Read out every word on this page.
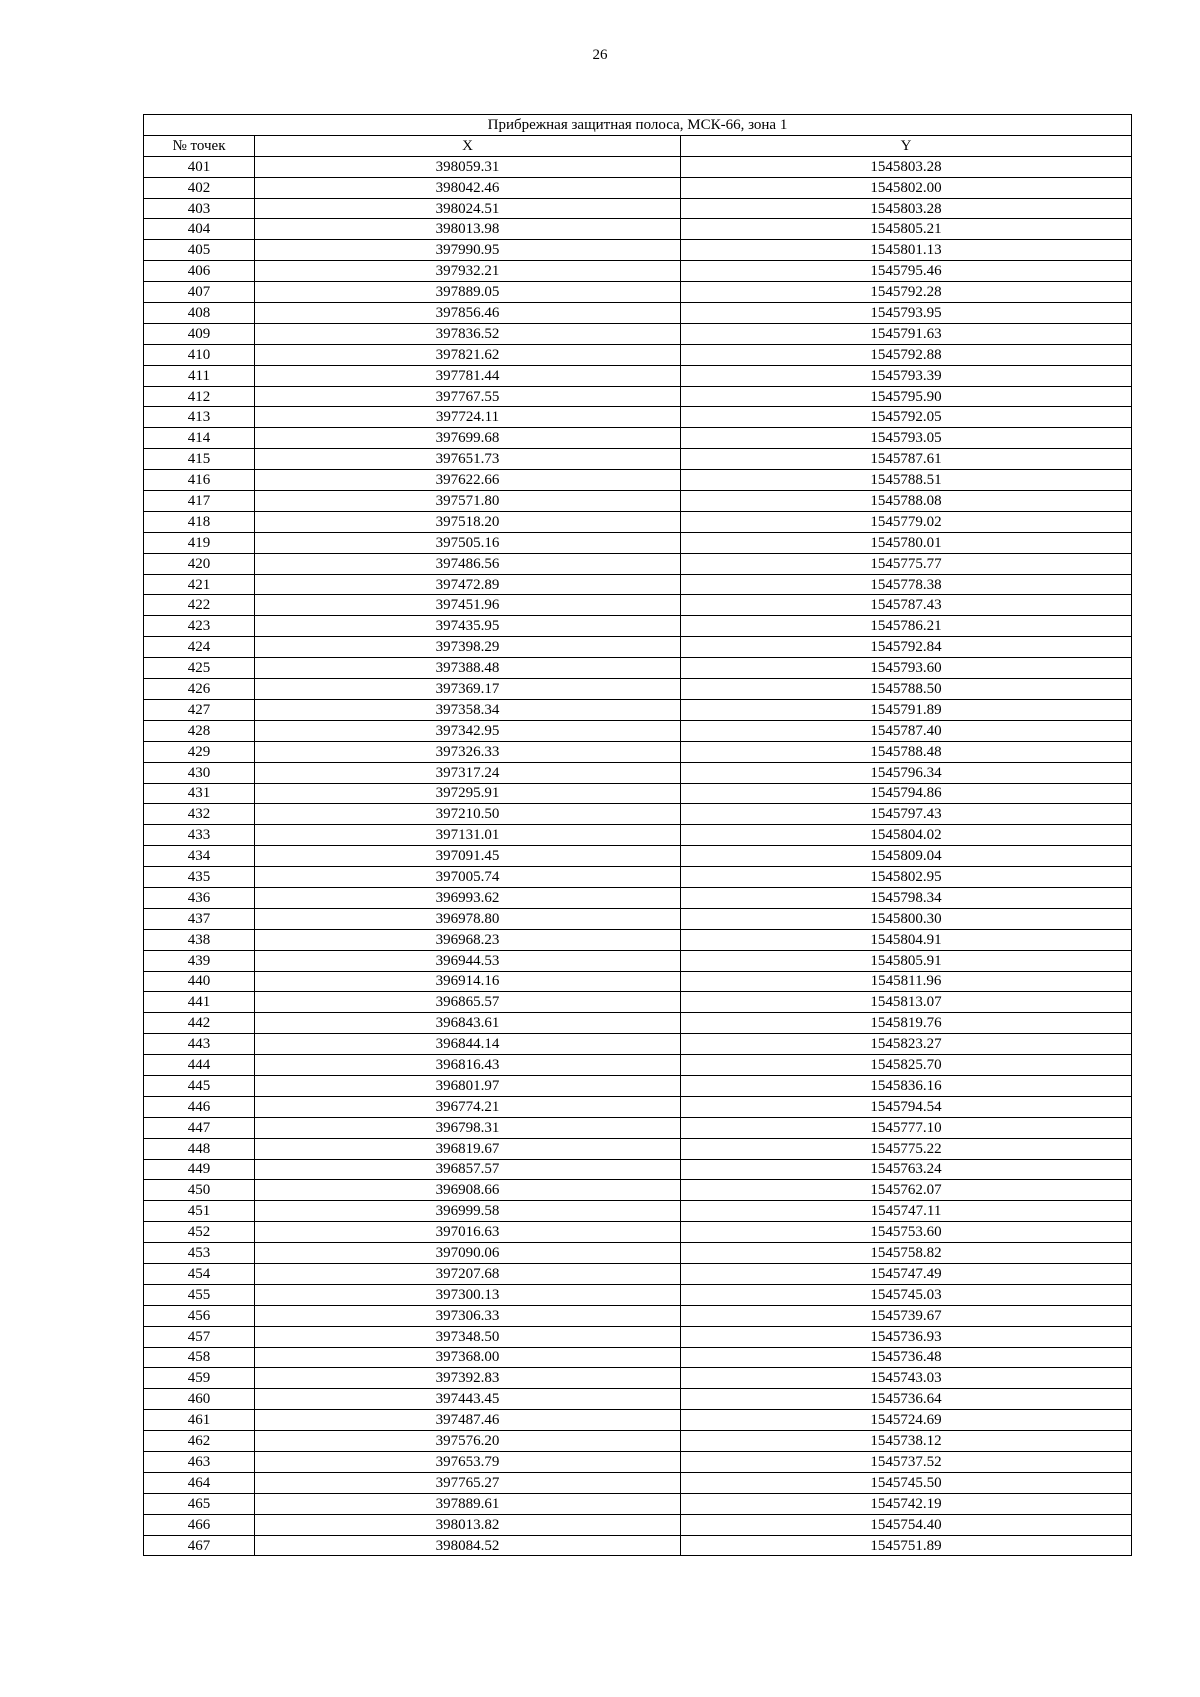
26
Прибрежная защитная полоса, МСК-66, зона 1		
№ точек	X	Y
401	398059.31	1545803.28
402	398042.46	1545802.00
403	398024.51	1545803.28
404	398013.98	1545805.21
405	397990.95	1545801.13
406	397932.21	1545795.46
407	397889.05	1545792.28
408	397856.46	1545793.95
409	397836.52	1545791.63
410	397821.62	1545792.88
411	397781.44	1545793.39
412	397767.55	1545795.90
413	397724.11	1545792.05
414	397699.68	1545793.05
415	397651.73	1545787.61
416	397622.66	1545788.51
417	397571.80	1545788.08
418	397518.20	1545779.02
419	397505.16	1545780.01
420	397486.56	1545775.77
421	397472.89	1545778.38
422	397451.96	1545787.43
423	397435.95	1545786.21
424	397398.29	1545792.84
425	397388.48	1545793.60
426	397369.17	1545788.50
427	397358.34	1545791.89
428	397342.95	1545787.40
429	397326.33	1545788.48
430	397317.24	1545796.34
431	397295.91	1545794.86
432	397210.50	1545797.43
433	397131.01	1545804.02
434	397091.45	1545809.04
435	397005.74	1545802.95
436	396993.62	1545798.34
437	396978.80	1545800.30
438	396968.23	1545804.91
439	396944.53	1545805.91
440	396914.16	1545811.96
441	396865.57	1545813.07
442	396843.61	1545819.76
443	396844.14	1545823.27
444	396816.43	1545825.70
445	396801.97	1545836.16
446	396774.21	1545794.54
447	396798.31	1545777.10
448	396819.67	1545775.22
449	396857.57	1545763.24
450	396908.66	1545762.07
451	396999.58	1545747.11
452	397016.63	1545753.60
453	397090.06	1545758.82
454	397207.68	1545747.49
455	397300.13	1545745.03
456	397306.33	1545739.67
457	397348.50	1545736.93
458	397368.00	1545736.48
459	397392.83	1545743.03
460	397443.45	1545736.64
461	397487.46	1545724.69
462	397576.20	1545738.12
463	397653.79	1545737.52
464	397765.27	1545745.50
465	397889.61	1545742.19
466	398013.82	1545754.40
467	398084.52	1545751.89
